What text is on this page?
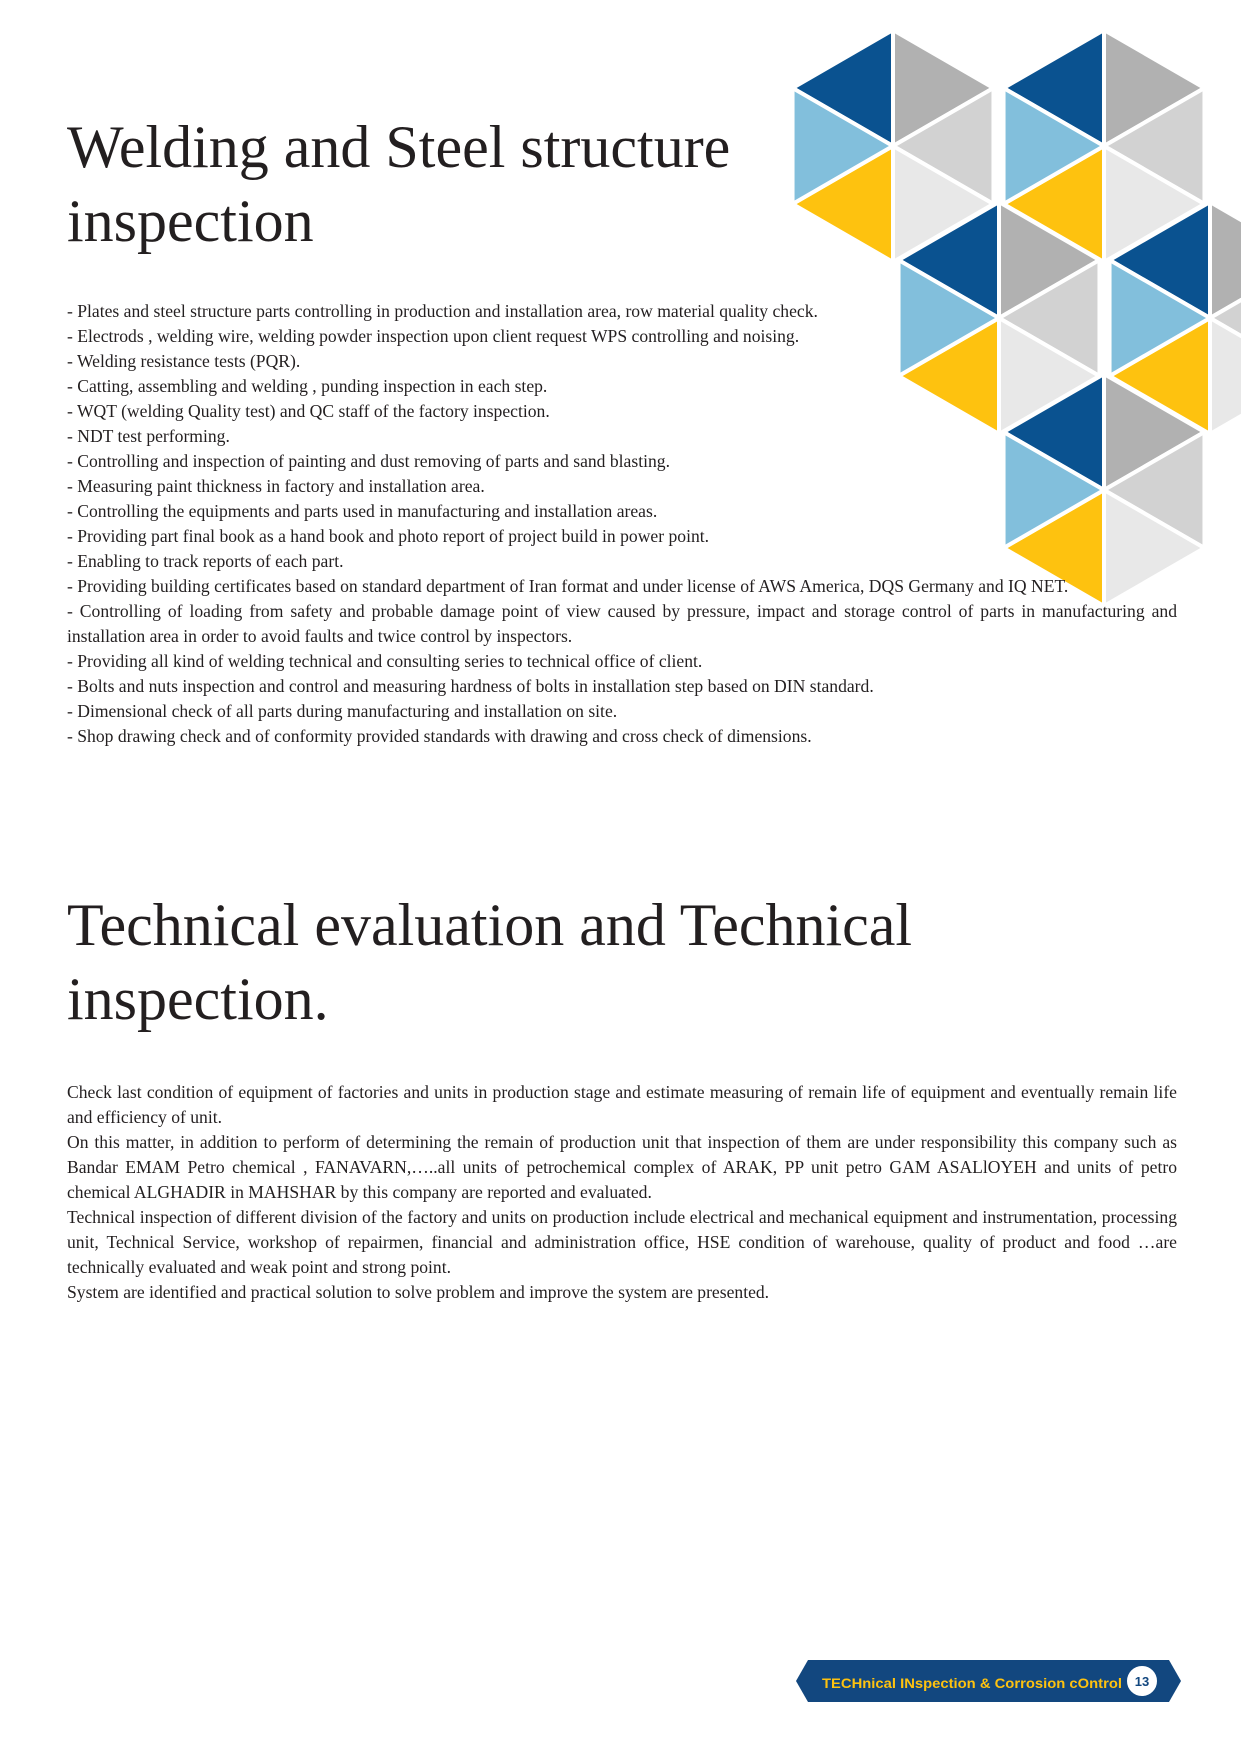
Welding and Steel structure
inspection
- Plates and steel structure parts controlling in production and installation area, row material quality check.
- Electrods , welding wire, welding powder inspection upon client request WPS controlling and noising.
- Welding resistance tests (PQR).
- Catting, assembling and welding , punding inspection in each step.
- WQT (welding Quality test) and QC staff of the factory inspection.
- NDT test performing.
- Controlling and inspection of painting and dust removing of parts and sand blasting.
- Measuring paint thickness in factory and installation area.
- Controlling the equipments and parts used in manufacturing and installation areas.
- Providing part final book as a hand book and photo report of project build in power point.
- Enabling to track reports of each part.
- Providing building certificates based on standard department of Iran format and under license of AWS America, DQS Germany and IQ NET.
- Controlling of loading from safety and probable damage point of view caused by pressure, impact and storage control of parts in manufacturing and installation area in order to avoid faults and twice control by inspectors.
- Providing all kind of welding technical and consulting series to technical office of client.
- Bolts and nuts inspection and control and measuring hardness of bolts in installation step based on DIN standard.
- Dimensional check of all parts during manufacturing and installation on site.
- Shop drawing check and of conformity provided standards with drawing and cross check of dimensions.
Technical evaluation and Technical
inspection.
Check last condition of equipment of factories and units in production stage and estimate measuring of remain life of equipment and eventually remain life and efficiency of unit.
On this matter, in addition to perform of determining the remain of production unit that inspection of them are under responsibility this company such as Bandar EMAM Petro chemical , FANAVARN,…..all units of petrochemical complex of ARAK, PP unit petro GAM ASALlOYEH and units of petro chemical ALGHADIR in MAHSHAR by this company are reported and evaluated.
Technical inspection of different division of the factory and units on production include electrical and mechanical equipment and instrumentation, processing unit, Technical Service, workshop of repairmen, financial and administration office, HSE condition of warehouse, quality of product and food …are technically evaluated and weak point and strong point.
System are identified and practical solution to solve problem and improve the system are presented.
TECHnical INspection & Corrosion cOntrol 13
